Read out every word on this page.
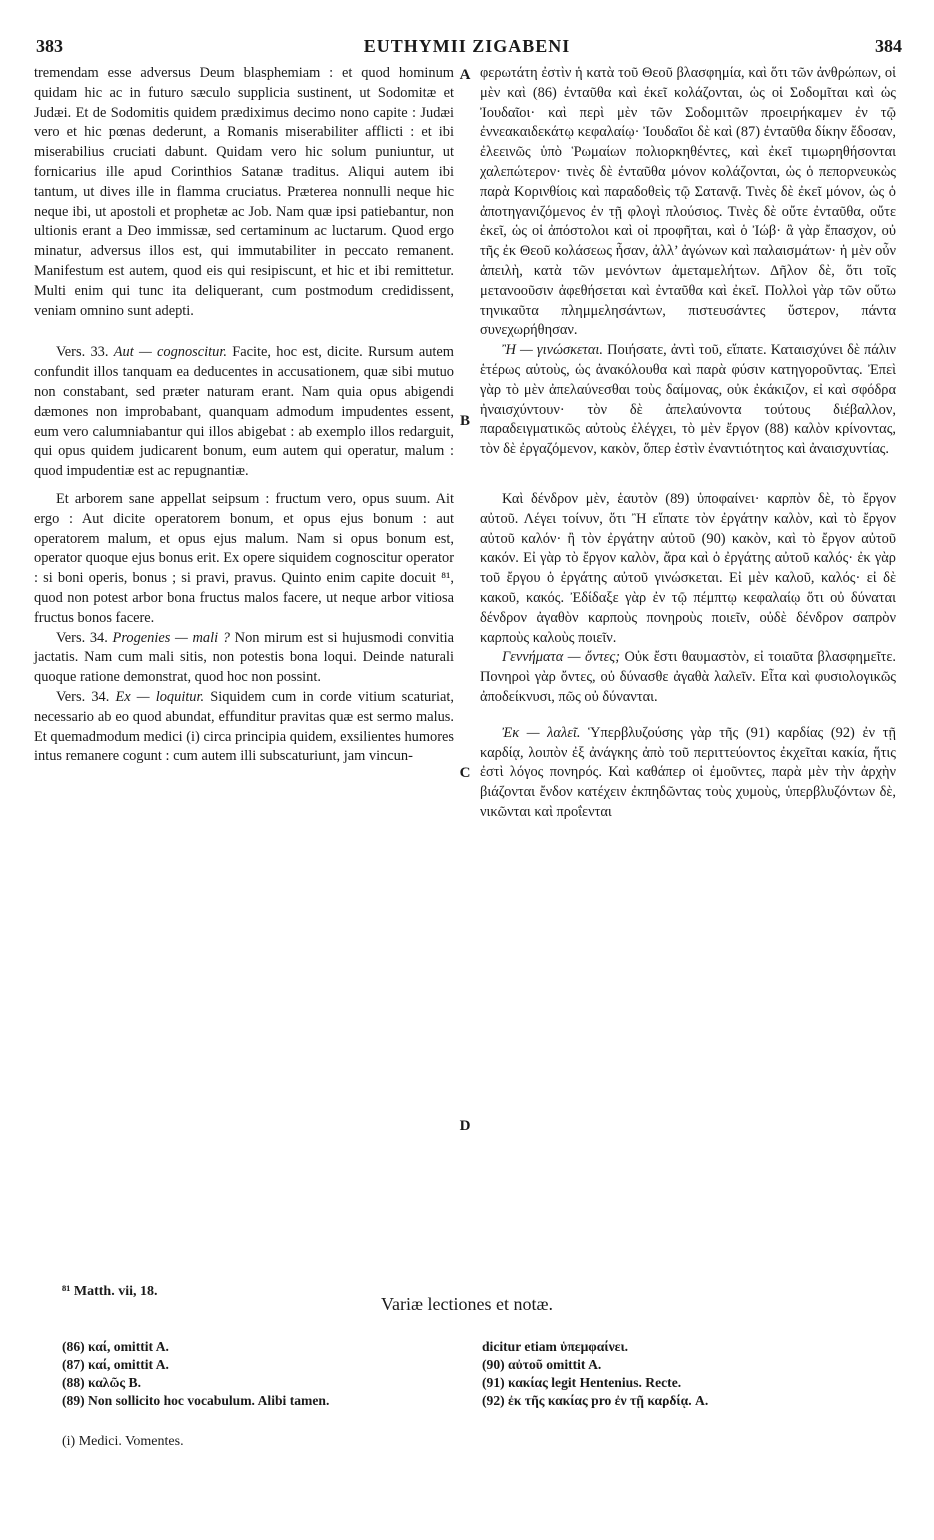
383	EUTHYMII ZIGABENI	384

tremendam esse adversus Deum blasphemiam : et quod hominum quidam hic ac in futuro sæculo supplicia sustinent, ut Sodomitæ et Judæi. Et de Sodomitis quidem prædiximus decimo nono capite : Judæi vero et hic pœnas dederunt, a Romanis miserabiliter afflicti : et ibi miserabilius cruciati dabunt. Quidam vero hic solum puniuntur, ut fornicarius ille apud Corinthios Satanæ traditus. Aliqui autem ibi tantum, ut dives ille in flamma cruciatus. Præterea nonnulli neque hic neque ibi, ut apostoli et prophetæ ac Job. Nam quæ ipsi patiebantur, non ultionis erant a Deo immissæ, sed certaminum ac luctarum. Quod ergo minatur, adversus illos est, qui immutabiliter in peccato remanent. Manifestum est autem, quod eis qui resipiscunt, et hic et ibi remittetur. Multi enim qui tunc ita deliquerant, cum postmodum credidissent, veniam omnino sunt adepti.

Vers. 33. Aut — cognoscitur. Facite, hoc est, dicite. Rursum autem confundit illos tanquam ea deducentes in accusationem, quæ sibi mutuo non constabant, sed præter naturam erant. Nam quia opus abigendi dæmones non improbabant, quanquam admodum impudentes essent, eum vero calumniabantur qui illos abigebat : ab exemplo illos redarguit, qui opus quidem judicarent bonum, eum autem qui operatur, malum : quod impudentiæ est ac repugnantiæ.

Et arborem sane appellat seipsum : fructum vero, opus suum. Ait ergo : Aut dicite operatorem bonum, et opus ejus bonum : aut operatorem malum, et opus ejus malum. Nam si opus bonum est, operator quoque ejus bonus erit. Ex opere siquidem cognoscitur operator : si boni operis, bonus ; si pravi, pravus. Quinto enim capite docuit ⁸¹, quod non potest arbor bona fructus malos facere, ut neque arbor vitiosa fructus bonos facere.

Vers. 34. Progenies — mali ? Non mirum est si hujusmodi convitia jactatis. Nam cum mali sitis, non potestis bona loqui. Deinde naturali quoque ratione demonstrat, quod hoc non possint.

Vers. 34. Ex — loquitur. Siquidem cum in corde vitium scaturiat, necessario ab eo quod abundat, effunditur pravitas quæ est sermo malus. Et quemadmodum medici (i) circa principia quidem, exsilientes humores intus remanere cogunt : cum autem illi subscaturiunt, jam vincun-

A
B
C
D

φερωτάτη ἐστὶν ἡ κατὰ τοῦ Θεοῦ βλασφημία, καὶ ὅτι τῶν ἀνθρώπων, οἱ μὲν καὶ (86) ἐνταῦθα καὶ ἐκεῖ κολάζονται, ὡς οἱ Σοδομῖται καὶ ὡς Ἰουδαῖοι· καὶ περὶ μὲν τῶν Σοδομιτῶν προειρήκαμεν ἐν τῷ ἐννεακαιδεκάτῳ κεφαλαίῳ· Ἰουδαῖοι δὲ καὶ (87) ἐνταῦθα δίκην ἔδοσαν, ἐλεεινῶς ὑπὸ Ῥωμαίων πολιορκηθέντες, καὶ ἐκεῖ τιμωρηθήσονται χαλεπώτερον· τινὲς δὲ ἐνταῦθα μόνον κολάζονται, ὡς ὁ πεπορνευκὼς παρὰ Κορινθίοις καὶ παραδοθεὶς τῷ Σατανᾷ. Τινὲς δὲ ἐκεῖ μόνον, ὡς ὁ ἀποτηγανιζόμενος ἐν τῇ φλογὶ πλούσιος. Τινὲς δὲ οὔτε ἐνταῦθα, οὔτε ἐκεῖ, ὡς οἱ ἀπόστολοι καὶ οἱ προφῆται, καὶ ὁ Ἰώβ· ἃ γὰρ ἔπασχον, οὐ τῆς ἐκ Θεοῦ κολάσεως ἦσαν, ἀλλ’ ἀγώνων καὶ παλαισμάτων· ἡ μὲν οὖν ἀπειλὴ, κατὰ τῶν μενόντων ἀμεταμελήτων. Δῆλον δὲ, ὅτι τοῖς μετανοοῦσιν ἀφεθήσεται καὶ ἐνταῦθα καὶ ἐκεῖ. Πολλοὶ γὰρ τῶν οὕτω τηνικαῦτα πλημμελησάντων, πιστευσάντες ὕστερον, πάντα συνεχωρήθησαν.

Ἢ — γινώσκεται. Ποιήσατε, ἀντὶ τοῦ, εἴπατε. Καταισχύνει δὲ πάλιν ἑτέρως αὐτοὺς, ὡς ἀνακόλουθα καὶ παρὰ φύσιν κατηγοροῦντας. Ἐπεὶ γὰρ τὸ μὲν ἀπελαύνεσθαι τοὺς δαίμονας, οὐκ ἐκάκιζον, εἰ καὶ σφόδρα ἠναισχύντουν· τὸν δὲ ἀπελαύνοντα τούτους διέβαλλον, παραδειγματικῶς αὐτοὺς ἐλέγχει, τὸ μὲν ἔργον (88) καλὸν κρίνοντας, τὸν δὲ ἐργαζόμενον, κακὸν, ὅπερ ἐστὶν ἐναντιότητος καὶ ἀναισχυντίας.

Καὶ δένδρον μὲν, ἑαυτὸν (89) ὑποφαίνει· καρπὸν δὲ, τὸ ἔργον αὐτοῦ. Λέγει τοίνυν, ὅτι Ἢ εἴπατε τὸν ἐργάτην καλὸν, καὶ τὸ ἔργον αὐτοῦ καλόν· ἢ τὸν ἐργάτην αὐτοῦ (90) κακὸν, καὶ τὸ ἔργον αὐτοῦ κακόν. Εἰ γὰρ τὸ ἔργον καλὸν, ἄρα καὶ ὁ ἐργάτης αὐτοῦ καλός· ἐκ γὰρ τοῦ ἔργου ὁ ἐργάτης αὐτοῦ γινώσκεται. Εἰ μὲν καλοῦ, καλός· εἰ δὲ κακοῦ, κακός. Ἐδίδαξε γὰρ ἐν τῷ πέμπτῳ κεφαλαίῳ ὅτι οὐ δύναται δένδρον ἀγαθὸν καρποὺς πονηροὺς ποιεῖν, οὐδὲ δένδρον σαπρὸν καρποὺς καλοὺς ποιεῖν.

Γεννήματα — ὄντες; Οὐκ ἔστι θαυμαστὸν, εἰ τοιαῦτα βλασφημεῖτε. Πονηροὶ γὰρ ὄντες, οὐ δύνασθε ἀγαθὰ λαλεῖν. Εἶτα καὶ φυσιολογικῶς ἀποδείκνυσι, πῶς οὐ δύνανται.

Ἐκ — λαλεῖ. Ὑπερβλυζούσης γὰρ τῆς (91) καρδίας (92) ἐν τῇ καρδίᾳ, λοιπὸν ἐξ ἀνάγκης ἀπὸ τοῦ περιττεύοντος ἐκχεῖται κακία, ἥτις ἐστὶ λόγος πονηρός. Καὶ καθάπερ οἱ ἐμοῦντες, παρὰ μὲν τὴν ἀρχὴν βιάζονται ἔνδον κατέχειν ἐκπηδῶντας τοὺς χυμοὺς, ὑπερβλυζόντων δὲ, νικῶνται καὶ προΐενται

⁸¹ Matth. vii, 18.
Variæ lectiones et notæ.
(86) καί, omittit A.
(87) καί, omittit A.
(88) καλῶς B.
(89) Non sollicito hoc vocabulum. Alibi tamen.
dicitur etiam ὑπεμφαίνει.
(90) αὐτοῦ omittit A.
(91) κακίας legit Hentenius. Recte.
(92) ἐκ τῆς κακίας pro ἐν τῇ καρδίᾳ. A.
(i) Medici. Vomentes.
